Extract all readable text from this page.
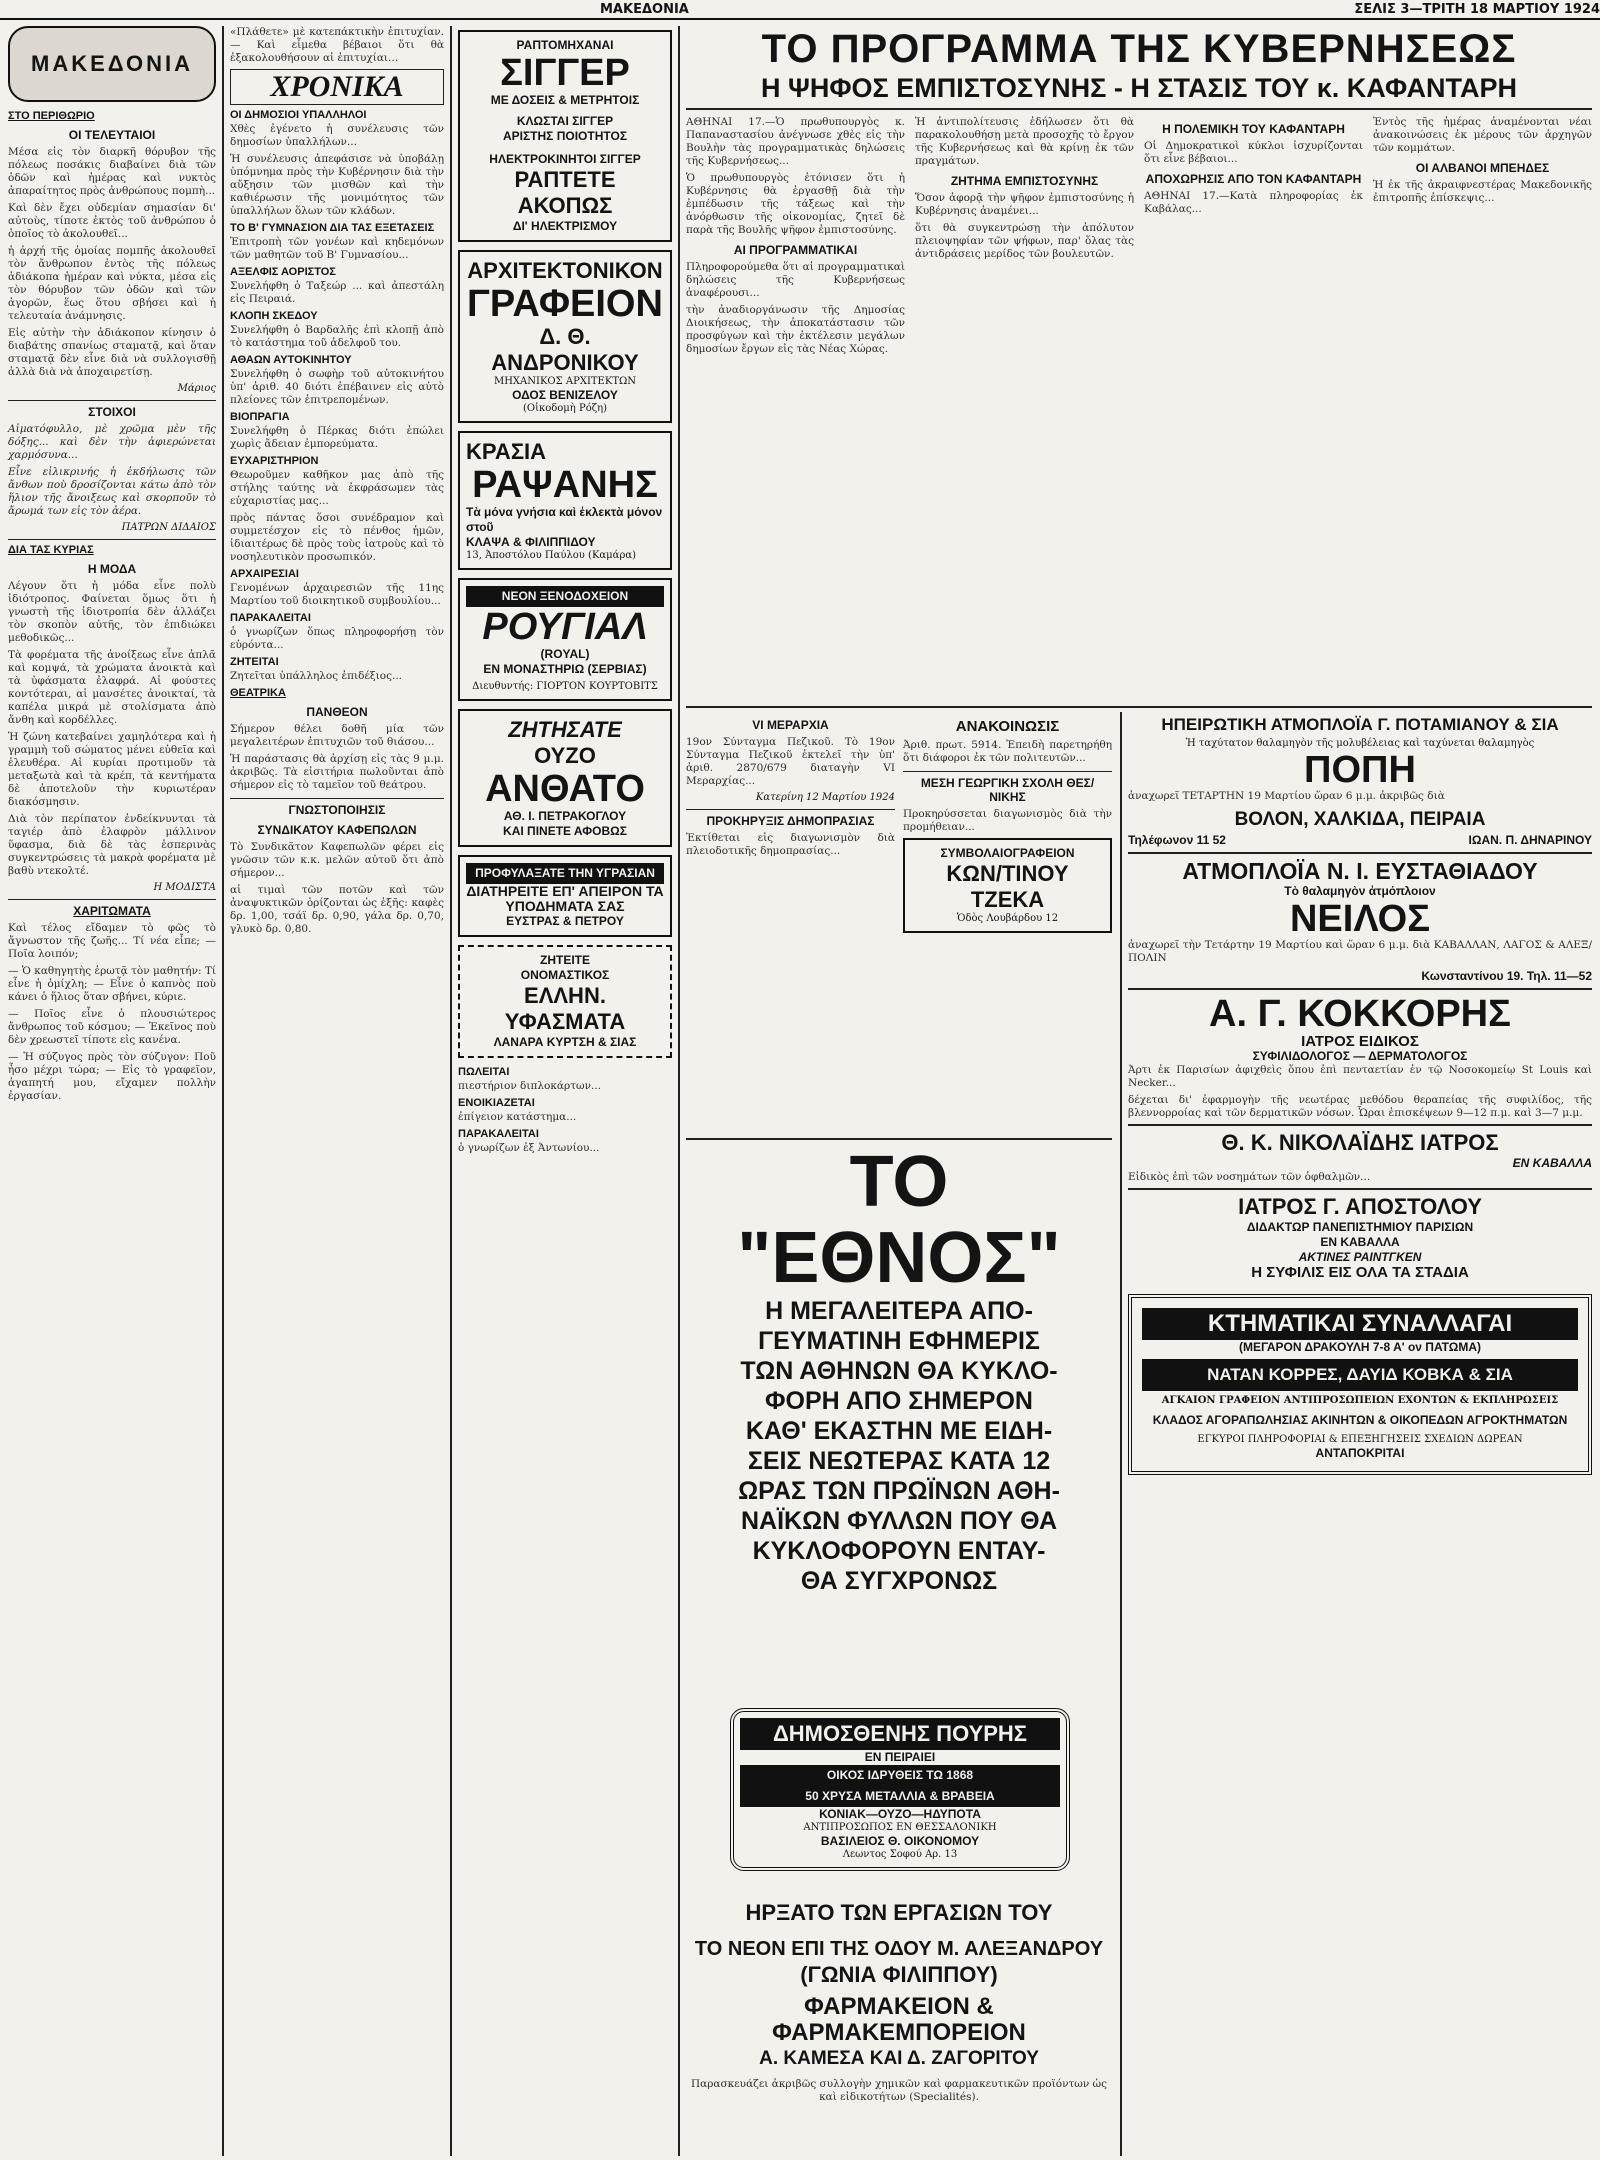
ΜΑΚΕΔΟΝΙΑ	ΣΕΛΙΣ 3—ΤΡΙΤΗ 18 ΜΑΡΤΙΟΥ 1924
ΜΑΚΕΔΟΝΙΑ
ΣΤΟ ΠΕΡΙΘΩΡΙΟ
ΟΙ ΤΕΛΕΥΤΑΙΟΙ

Μέσα εἰς τὸν διαρκῆ θόρυβον τῆς πόλεως ποσάκις διαβαίνει διὰ τῶν ὁδῶν καὶ ἡμέρας καὶ νυκτὸς ἀπαραίτητος πρὸς ἀνθρώπους πομπὴ...

Καὶ δὲν ἔχει οὐδεμίαν σημασίαν δι' αὐτοὺς, τίποτε ἐκτὸς τοῦ ἀνθρώπου ὁ ὁποῖος τὸ ἀκολουθεῖ...

ἡ ἀρχή τῆς ὁμοίας πομπῆς ἀκολουθεῖ τὸν ἄνθρωπον ἐντὸς τῆς πόλεως ἀδιάκοπα ἡμέραν καὶ νύκτα, μέσα εἰς τὸν θόρυβον τῶν ὁδῶν καὶ τῶν ἀγορῶν, ἕως ὅτου σβήσει καὶ ἡ τελευταία ἀνάμνησις.

Εἰς αὐτὴν τὴν ἀδιάκοπον κίνησιν ὁ διαβάτης σπανίως σταματᾷ, καὶ ὅταν σταματᾷ δὲν εἶνε διὰ νὰ συλλογισθῇ ἀλλὰ διὰ νὰ ἀποχαιρετίσῃ.

Μάριος
ΣΤΟΙΧΟΙ

Αἰματόφυλλο, μὲ χρῶμα μὲν τῆς δόξης... καὶ δὲν τὴν ἀφιερώνεται χαρμόσυνα...

Εἶνε εἰλικρινής ἡ ἐκδήλωσις τῶν ἄνθων ποὺ δροσίζονται κάτω ἀπὸ τὸν ἥλιον τῆς ἄνοιξεως καὶ σκορποῦν τὸ ἄρωμά των εἰς τὸν ἀέρα.

ΠΑΤΡΩΝ ΔΙΔΑΙΟΣ
ΔΙΑ ΤΑΣ ΚΥΡΙΑΣ
Η ΜΟΔΑ

Λέγουν ὅτι ἡ μόδα εἶνε πολὺ ἰδιότροπος. Φαίνεται ὅμως ὅτι ἡ γνωστὴ τῆς ἰδιοτροπία δὲν ἀλλάζει τὸν σκοπὸν αὐτῆς, τὸν ἐπιδιώκει μεθοδικῶς...

Τὰ φορέματα τῆς ἀνοίξεως εἶνε ἁπλᾶ καὶ κομψά, τὰ χρώματα ἀνοικτὰ καὶ τὰ ὑφάσματα ἐλαφρά. Αἱ φούστες κοντότεραι, αἱ μανσέτες ἀνοικταί, τὰ καπέλα μικρά μὲ στολίσματα ἀπὸ ἄνθη καὶ κορδέλλες.

Ἡ ζώνη κατεβαίνει χαμηλότερα καὶ ἡ γραμμὴ τοῦ σώματος μένει εὐθεῖα καὶ ἐλευθέρα. Αἱ κυρίαι προτιμοῦν τὰ μεταξωτὰ καὶ τὰ κρέπ, τὰ κεντήματα δὲ ἀποτελοῦν τὴν κυριωτέραν διακόσμησιν.

Διὰ τὸν περίπατον ἐνδείκνυνται τὰ ταγιέρ ἀπὸ ἐλαφρὸν μάλλινον ὕφασμα, διὰ δὲ τὰς ἑσπερινὰς συγκεντρώσεις τὰ μακρὰ φορέματα μὲ βαθὺ ντεκολτέ.

Η ΜΟΔΙΣΤΑ
ΧΑΡΙΤΩΜΑΤΑ

Καὶ τέλος εἴδαμεν τὸ φῶς τὸ ἄγνωστον τῆς ζωῆς... Τί νέα εἶπε; — Ποῖα λοιπόν;

— Ὁ καθηγητὴς ἐρωτᾷ τὸν μαθητήν: Τί εἶνε ἡ ὁμίχλη; — Εἶνε ὁ καπνὸς ποὺ κάνει ὁ ἥλιος ὅταν σβήνει, κύριε.

— Ποῖος εἶνε ὁ πλουσιώτερος ἄνθρωπος τοῦ κόσμου; — Ἐκεῖνος ποὺ δὲν χρεωστεῖ τίποτε εἰς κανένα.

— Ἡ σύζυγος πρὸς τὸν σύζυγον: Ποῦ ἦσο μέχρι τώρα; — Εἰς τὸ γραφεῖον, ἀγαπητή μου, εἴχαμεν πολλὴν ἐργασίαν.

«Πλάθετε» μὲ κατεπάκτικὴν ἐπιτυχίαν. — Καὶ εἶμεθα βέβαιοι ὅτι θὰ ἐξακολουθήσουν αἱ ἐπιτυχίαι...

ΧΡΟΝΙΚΑ
ΟΙ ΔΗΜΟΣΙΟΙ ΥΠΑΛΛΗΛΟΙ

Χθὲς ἐγένετο ἡ συνέλευσις τῶν δημοσίων ὑπαλλήλων...

Ἡ συνέλευσις ἀπεφάσισε νὰ ὑποβάλῃ ὑπόμνημα πρὸς τὴν Κυβέρνησιν διὰ τὴν αὔξησιν τῶν μισθῶν καὶ τὴν καθιέρωσιν τῆς μονιμότητος τῶν ὑπαλλήλων ὅλων τῶν κλάδων.

ΤΟ Β' ΓΥΜΝΑΣΙΟΝ ΔΙΑ ΤΑΣ ΕΞΕΤΑΣΕΙΣ

Ἐπιτροπὴ τῶν γονέων καὶ κηδεμόνων τῶν μαθητῶν τοῦ Β' Γυμνασίου...

ΑΞΕΛΦΙΣ ΑΟΡΙΣΤΟΣ

Συνελήφθη ὁ Ταξεώρ ... καὶ ἀπεστάλη εἰς Πειραιά.

ΚΛΟΠΗ ΣΚΕΔΟΥ

Συνελήφθη ὁ Βαρδαλῆς ἐπὶ κλοπῇ ἀπὸ τὸ κατάστημα τοῦ ἀδελφοῦ του.

ΑΘΑΩΝ ΑΥΤΟΚΙΝΗΤΟΥ

Συνελήφθη ὁ σωφὴρ τοῦ αὐτοκινήτου ὑπ' ἀριθ. 40 διότι ἐπέβαινεν εἰς αὐτὸ πλείονες τῶν ἐπιτρεπομένων.

ΒΙΟΠΡΑΓΙΑ

Συνελήφθη ὁ Πέρκας διότι ἐπώλει χωρὶς ἄδειαν ἐμπορεύματα.

ΕΥΧΑΡΙΣΤΗΡΙΟΝ

Θεωροῦμεν καθῆκον μας ἀπὸ τῆς στήλης ταύτης νὰ ἐκφράσωμεν τὰς εὐχαριστίας μας...

πρὸς πάντας ὅσοι συνέδραμον καὶ συμμετέσχον εἰς τὸ πένθος ἡμῶν, ἰδιαιτέρως δὲ πρὸς τοὺς ἰατροὺς καὶ τὸ νοσηλευτικὸν προσωπικόν.

ΑΡΧΑΙΡΕΣΙΑΙ

Γενομένων ἀρχαιρεσιῶν τῆς 11ης Μαρτίου τοῦ διοικητικοῦ συμβουλίου...

ΠΑΡΑΚΑΛΕΙΤΑΙ

ὁ γνωρίζων ὅπως πληροφορήσῃ τὸν εὑρόντα...

ΖΗΤΕΙΤΑΙ

Ζητεῖται ὑπάλληλος ἐπιδέξιος...

ΘΕΑΤΡΙΚΑ
ΠΑΝΘΕΟΝ

Σήμερον θέλει δοθῆ μία τῶν μεγαλειτέρων ἐπιτυχιῶν τοῦ θιάσου...

Ἡ παράστασις θὰ ἀρχίσῃ εἰς τὰς 9 μ.μ. ἀκριβῶς. Τὰ εἰσιτήρια πωλοῦνται ἀπὸ σήμερον εἰς τὸ ταμεῖον τοῦ θεάτρου.

ΓΝΩΣΤΟΠΟΙΗΣΙΣ
ΣΥΝΔΙΚΑΤΟΥ ΚΑΦΕΠΩΛΩΝ

Τὸ Συνδικᾶτον Καφεπωλῶν φέρει εἰς γνῶσιν τῶν κ.κ. μελῶν αὐτοῦ ὅτι ἀπὸ σήμερον...

αἱ τιμαὶ τῶν ποτῶν καὶ τῶν ἀναψυκτικῶν ὁρίζονται ὡς ἑξῆς: καφὲς δρ. 1,00, τσάϊ δρ. 0,90, γάλα δρ. 0,70, γλυκὸ δρ. 0,80.

ΡΑΠΤΟΜΗΧΑΝΑΙ
ΣΙΓΓΕΡ
ΜΕ ΔΟΣΕΙΣ & ΜΕΤΡΗΤΟΙΣ
ΚΛΩΣΤΑΙ ΣΙΓΓΕΡ
ΑΡΙΣΤΗΣ ΠΟΙΟΤΗΤΟΣ
ΗΛΕΚΤΡΟΚΙΝΗΤΟΙ ΣΙΓΓΕΡ
ΡΑΠΤΕΤΕ ΑΚΟΠΩΣ
ΔΙ' ΗΛΕΚΤΡΙΣΜΟΥ
ΑΡΧΙΤΕΚΤΟΝΙΚΟΝ
ΓΡΑΦΕΙΟΝ
Δ. Θ. ΑΝΔΡΟΝΙΚΟΥ
ΜΗΧΑΝΙΚΟΣ ΑΡΧΙΤΕΚΤΩΝ
ΟΔΟΣ ΒΕΝΙΖΕΛΟΥ
(Οἰκοδομὴ Ρόζη)
ΚΡΑΣΙΑ
ΡΑΨΑΝΗΣ
Τὰ μόνα γνήσια καὶ ἐκλεκτὰ μόνον στοῦ
ΚΛΑΨΑ & ΦΙΛΙΠΠΙΔΟΥ
13, Ἀποστόλου Παύλου (Καμάρα)
ΝΕΟΝ ΞΕΝΟΔΟΧΕΙΟΝ
ΡΟΥΓΙΑΛ
(ROYAL)
ΕΝ ΜΟΝΑΣΤΗΡΙΩ (ΣΕΡΒΙΑΣ)
Διευθυντής: ΓΙΟΡΤΟΝ ΚΟΥΡΤΟΒΙΤΣ
ΖΗΤΗΣΑΤΕ
ΟΥΖΟ
ΑΝΘΑΤΟ
ΑΘ. Ι. ΠΕΤΡΑΚΟΓΛΟΥ
ΚΑΙ ΠΙΝΕΤΕ ΑΦΟΒΩΣ
ΠΡΟΦΥΛΑΞΑΤΕ ΤΗΝ ΥΓΡΑΣΙΑΝ
ΔΙΑΤΗΡΕΙΤΕ ΕΠ' ΑΠΕΙΡΟΝ ΤΑ ΥΠΟΔΗΜΑΤΑ ΣΑΣ
ΕΥΣΤΡΑΣ & ΠΕΤΡΟΥ
ΖΗΤΕΙΤΕ
ΟΝΟΜΑΣΤΙΚΟΣ
ΕΛΛΗΝ. ΥΦΑΣΜΑΤΑ
ΛΑΝΑΡΑ ΚΥΡΤΣΗ & ΣΙΑΣ
ΠΩΛΕΙΤΑΙ

πιεστήριον διπλοκάρτων...

ΕΝΟΙΚΙΑΖΕΤΑΙ

ἐπίγειον κατάστημα...

ΠΑΡΑΚΑΛΕΙΤΑΙ

ὁ γνωρίζων ἐξ Ἀντωνίου...

ΤΟ ΠΡΟΓΡΑΜΜΑ ΤΗΣ ΚΥΒΕΡΝΗΣΕΩΣ
Η ΨΗΦΟΣ ΕΜΠΙΣΤΟΣΥΝΗΣ - Η ΣΤΑΣΙΣ ΤΟΥ κ. ΚΑΦΑΝΤΑΡΗ

ΑΘΗΝΑΙ 17.—Ὁ πρωθυπουργὸς κ. Παπαναστασίου ἀνέγνωσε χθὲς εἰς τὴν Βουλὴν τὰς προγραμματικὰς δηλώσεις τῆς Κυβερνήσεως...

Ὁ πρωθυπουργὸς ἐτόνισεν ὅτι ἡ Κυβέρνησις θὰ ἐργασθῇ διὰ τὴν ἐμπέδωσιν τῆς τάξεως καὶ τὴν ἀνόρθωσιν τῆς οἰκονομίας, ζητεῖ δὲ παρὰ τῆς Βουλῆς ψῆφον ἐμπιστοσύνης.

ΑΙ ΠΡΟΓΡΑΜΜΑΤΙΚΑΙ

Πληροφορούμεθα ὅτι αἱ προγραμματικαὶ δηλώσεις τῆς Κυβερνήσεως ἀναφέρουσι...

τὴν ἀναδιοργάνωσιν τῆς Δημοσίας Διοικήσεως, τὴν ἀποκατάστασιν τῶν προσφύγων καὶ τὴν ἐκτέλεσιν μεγάλων δημοσίων ἔργων εἰς τὰς Νέας Χώρας.

Ἡ ἀντιπολίτευσις ἐδήλωσεν ὅτι θὰ παρακολουθήσῃ μετὰ προσοχῆς τὸ ἔργον τῆς Κυβερνήσεως καὶ θὰ κρίνῃ ἐκ τῶν πραγμάτων.

ΖΗΤΗΜΑ ΕΜΠΙΣΤΟΣΥΝΗΣ

Ὅσον ἀφορᾷ τὴν ψῆφον ἐμπιστοσύνης ἡ Κυβέρνησις ἀναμένει...

ὅτι θὰ συγκεντρώσῃ τὴν ἀπόλυτον πλειοψηφίαν τῶν ψήφων, παρ' ὅλας τὰς ἀντιδράσεις μερίδος τῶν βουλευτῶν.

Η ΠΟΛΕΜΙΚΗ ΤΟΥ ΚΑΦΑΝΤΑΡΗ

Οἱ Δημοκρατικοὶ κύκλοι ἰσχυρίζονται ὅτι εἶνε βέβαιοι...

ΑΠΟΧΩΡΗΣΙΣ ΑΠΟ ΤΟΝ ΚΑΦΑΝΤΑΡΗ

ΑΘΗΝΑΙ 17.—Κατὰ πληροφορίας ἐκ Καβάλας...

Ἐντὸς τῆς ἡμέρας ἀναμένονται νέαι ἀνακοινώσεις ἐκ μέρους τῶν ἀρχηγῶν τῶν κομμάτων.

ΟΙ ΑΛΒΑΝΟΙ ΜΠΕΗΔΕΣ

Ἡ ἐκ τῆς ἀκραιφνεστέρας Μακεδονικῆς ἐπιτροπῆς ἐπίσκεψις...

VI ΜΕΡΑΡΧΙΑ

19ον Σύνταγμα Πεζικοῦ. Τὸ 19ον Σύνταγμα Πεζικοῦ ἐκτελεῖ τὴν ὑπ' ἀριθ. 2870/679 διαταγὴν VI Μεραρχίας...

Κατερίνη 12 Μαρτίου 1924
ΠΡΟΚΗΡΥΞΙΣ ΔΗΜΟΠΡΑΣΙΑΣ

Ἐκτίθεται εἰς διαγωνισμὸν διὰ πλειοδοτικῆς δημοπρασίας...

ΑΝΑΚΟΙΝΩΣΙΣ

Ἀριθ. πρωτ. 5914. Ἐπειδὴ παρετηρήθη ὅτι διάφοροι ἐκ τῶν πολιτευτῶν...

ΜΕΣΗ ΓΕΩΡΓΙΚΗ ΣΧΟΛΗ ΘΕΣ/ΝΙΚΗΣ

Προκηρύσσεται διαγωνισμὸς διὰ τὴν προμήθειαν...

ΣΥΜΒΟΛΑΙΟΓΡΑΦΕΙΟΝ
ΚΩΝ/ΤΙΝΟΥ ΤΖΕΚΑ
Ὁδὸς Λουβάρδου 12
ΤΟ "ΕΘΝΟΣ"
Η ΜΕΓΑΛΕΙΤΕΡΑ ΑΠΟ-
ΓΕΥΜΑΤΙΝΗ ΕΦΗΜΕΡΙΣ
ΤΩΝ ΑΘΗΝΩΝ ΘΑ ΚΥΚΛΟ-
ΦΟΡΗ ΑΠΟ ΣΗΜΕΡΟΝ
ΚΑΘ' ΕΚΑΣΤΗΝ ΜΕ ΕΙΔΗ-
ΣΕΙΣ ΝΕΩΤΕΡΑΣ ΚΑΤΑ 12
ΩΡΑΣ ΤΩΝ ΠΡΩΪΝΩΝ ΑΘΗ-
ΝΑΪΚΩΝ ΦΥΛΛΩΝ ΠΟΥ ΘΑ
ΚΥΚΛΟΦΟΡΟΥΝ ΕΝΤΑΥ-
ΘΑ ΣΥΓΧΡΟΝΩΣ
ΔΗΜΟΣΘΕΝΗΣ ΠΟΥΡΗΣ
ΕΝ ΠΕΙΡΑΙΕΙ
ΟΙΚΟΣ ΙΔΡΥΘΕΙΣ ΤΩ 1868
50 ΧΡΥΣΑ ΜΕΤΑΛΛΙΑ & ΒΡΑΒΕΙΑ
ΚΟΝΙΑΚ—ΟΥΖΟ—ΗΔΥΠΟΤΑ
ΑΝΤΙΠΡΟΣΩΠΟΣ ΕΝ ΘΕΣΣΑΛΟΝΙΚΗ
ΒΑΣΙΛΕΙΟΣ Θ. ΟΙΚΟΝΟΜΟΥ
Λεωντος Σοφού Αρ. 13
ΗΡΞΑΤΟ ΤΩΝ ΕΡΓΑΣΙΩΝ ΤΟΥ
ΤΟ ΝΕΟΝ ΕΠΙ ΤΗΣ ΟΔΟΥ Μ. ΑΛΕΞΑΝΔΡΟΥ
(ΓΩΝΙΑ ΦΙΛΙΠΠΟΥ)
ΦΑΡΜΑΚΕΙΟΝ & ΦΑΡΜΑΚΕΜΠΟΡΕΙΟΝ
Α. ΚΑΜΕΣΑ ΚΑΙ Δ. ΖΑΓΟΡΙΤΟΥ

Παρασκευάζει ἀκριβῶς συλλογὴν χημικῶν καὶ φαρμακευτικῶν προϊόντων ὡς καὶ εἰδικοτήτων (Specialités).

ΗΠΕΙΡΩΤΙΚΗ ΑΤΜΟΠΛΟΪΑ Γ. ΠΟΤΑΜΙΑΝΟΥ & ΣΙΑ
Ἡ ταχύτατον θαλαμηγὸν τῆς μολυβέλειας καὶ ταχύνεται θαλαμηγὸς
ΠΟΠΗ

ἀναχωρεῖ ΤΕΤΑΡΤΗΝ 19 Μαρτίου ὥραν 6 μ.μ. ἀκριβῶς διὰ

ΒΟΛΟΝ, ΧΑΛΚΙΔΑ, ΠΕΙΡΑΙΑ
Τηλέφωνον 11 52	ΙΩΑΝ. Π. ΔΗΝΑΡΙΝΟΥ
ΑΤΜΟΠΛΟΪΑ Ν. Ι. ΕΥΣΤΑΘΙΑΔΟΥ
Τὸ θαλαμηγὸν ἀτμόπλοιον
ΝΕΙΛΟΣ

ἀναχωρεῖ τὴν Τετάρτην 19 Μαρτίου καὶ ὥραν 6 μ.μ. διὰ ΚΑΒΑΛΛΑΝ, ΛΑΓΟΣ & ΑΛΕΞ/ΠΟΛΙΝ

Κωνσταντίνου 19. Τηλ. 11—52
Α. Γ. ΚΟΚΚΟΡΗΣ
ΙΑΤΡΟΣ ΕΙΔΙΚΟΣ
ΣΥΦΙΛΙΔΟΛΟΓΟΣ — ΔΕΡΜΑΤΟΛΟΓΟΣ

Ἀρτι ἐκ Παρισίων ἀφιχθεὶς ὅπου ἐπὶ πενταετίαν ἐν τῷ Νοσοκομείῳ St Louis καὶ Necker...

δέχεται δι' ἐφαρμογὴν τῆς νεωτέρας μεθόδου θεραπείας τῆς συφιλίδος, τῆς βλεννορροίας καὶ τῶν δερματικῶν νόσων. Ὧραι ἐπισκέψεων 9—12 π.μ. καὶ 3—7 μ.μ.

Θ. Κ. ΝΙΚΟΛΑΪΔΗΣ ΙΑΤΡΟΣ
ΕΝ ΚΑΒΑΛΛΑ

Εἰδικὸς ἐπὶ τῶν νοσημάτων τῶν ὀφθαλμῶν...

ΙΑΤΡΟΣ Γ. ΑΠΟΣΤΟΛΟΥ
ΔΙΔΑΚΤΩΡ ΠΑΝΕΠΙΣΤΗΜΙΟΥ ΠΑΡΙΣΙΩΝ
ΕΝ ΚΑΒΑΛΛΑ
ΑΚΤΙΝΕΣ ΡΑΙΝΤΓΚΕΝ
Η ΣΥΦΙΛΙΣ ΕΙΣ ΟΛΑ ΤΑ ΣΤΑΔΙΑ
ΚΤΗΜΑΤΙΚΑΙ ΣΥΝΑΛΛΑΓΑΙ
(ΜΕΓΑΡΟΝ ΔΡΑΚΟΥΛΗ 7-8 Α' ον ΠΑΤΩΜΑ)
ΝΑΤΑΝ ΚΟΡΡΕΣ, ΔΑΥΙΔ ΚΟΒΚΑ & ΣΙΑ
ΑΓΚΑΙΟΝ ΓΡΑΦΕΙΟΝ ΑΝΤΙΠΡΟΣΩΠΕΙΩΝ ΕΧΟΝΤΩΝ & ΕΚΠΛΗΡΩΣΕΙΣ
ΚΛΑΔΟΣ ΑΓΟΡΑΠΩΛΗΣΙΑΣ ΑΚΙΝΗΤΩΝ & ΟΙΚΟΠΕΔΩΝ ΑΓΡΟΚΤΗΜΑΤΩΝ
ΕΓΚΥΡΟΙ ΠΛΗΡΟΦΟΡΙΑΙ & ΕΠΕΞΗΓΗΣΕΙΣ ΣΧΕΔΙΩΝ ΔΩΡΕΑΝ
ΑΝΤΑΠΟΚΡΙΤΑΙ
